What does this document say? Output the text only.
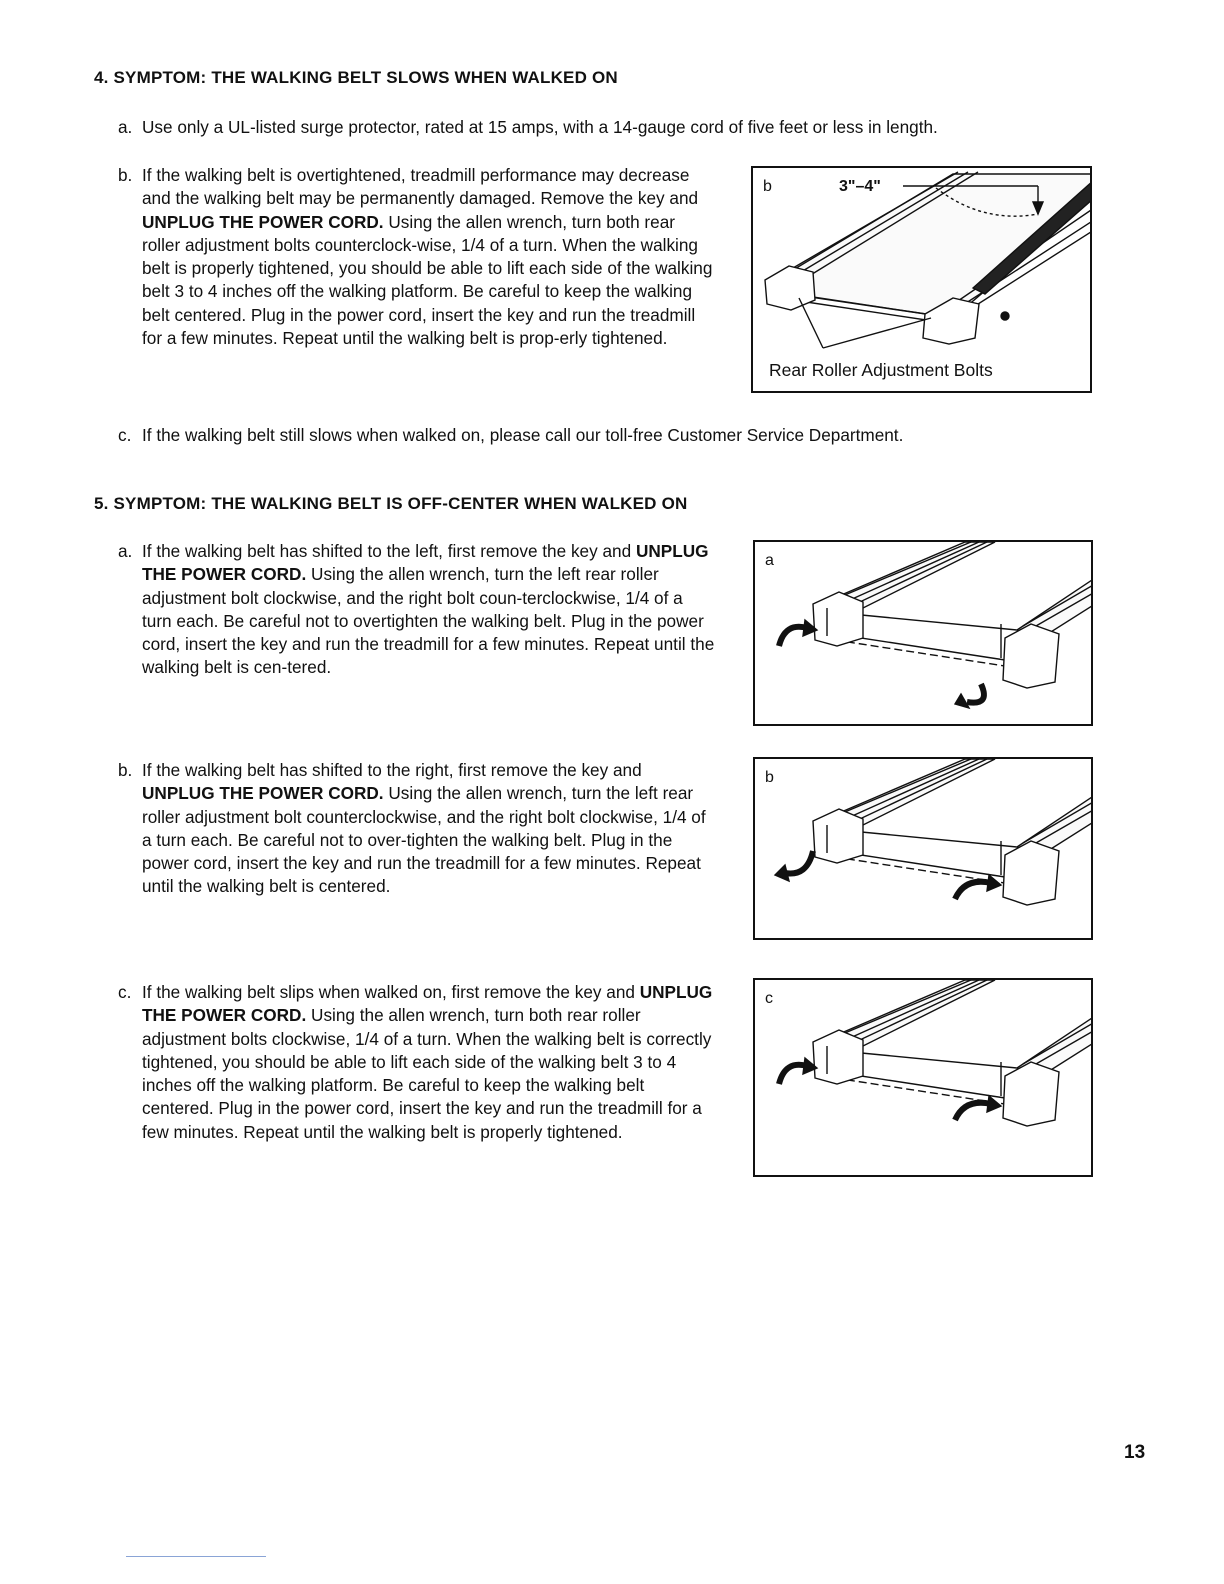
4. SYMPTOM: THE WALKING BELT SLOWS WHEN WALKED ON
a. Use only a UL-listed surge protector, rated at 15 amps, with a 14-gauge cord of five feet or less in length.
b. If the walking belt is overtightened, treadmill performance may decrease and the walking belt may be permanently damaged. Remove the key and UNPLUG THE POWER CORD. Using the allen wrench, turn both rear roller adjustment bolts counterclock-wise, 1/4 of a turn. When the walking belt is properly tightened, you should be able to lift each side of the walking belt 3 to 4 inches off the walking platform. Be careful to keep the walking belt centered. Plug in the power cord, insert the key and run the treadmill for a few minutes. Repeat until the walking belt is prop-erly tightened.
b	3"–4"
Rear Roller Adjustment Bolts
c. If the walking belt still slows when walked on, please call our toll-free Customer Service Department.
5. SYMPTOM: THE WALKING BELT IS OFF-CENTER WHEN WALKED ON
a. If the walking belt has shifted to the left, first remove the key and UNPLUG THE POWER CORD. Using the allen wrench, turn the left rear roller adjustment bolt clockwise, and the right bolt coun-terclockwise, 1/4 of a turn each. Be careful not to overtighten the walking belt. Plug in the power cord, insert the key and run the treadmill for a few minutes. Repeat until the walking belt is cen-tered.
b. If the walking belt has shifted to the right, first remove the key and UNPLUG THE POWER CORD. Using the allen wrench, turn the left rear roller adjustment bolt counterclockwise, and the right bolt clockwise, 1/4 of a turn each. Be careful not to over-tighten the walking belt. Plug in the power cord, insert the key and run the treadmill for a few minutes. Repeat until the walking belt is centered.
c. If the walking belt slips when walked on, first remove the key and UNPLUG THE POWER CORD. Using the allen wrench, turn both rear roller adjustment bolts clockwise, 1/4 of a turn. When the walking belt is correctly tightened, you should be able to lift each side of the walking belt 3 to 4 inches off the walking platform. Be careful to keep the walking belt centered. Plug in the power cord, insert the key and run the treadmill for a few minutes. Repeat until the walking belt is properly tightened.
a
b
c
13
